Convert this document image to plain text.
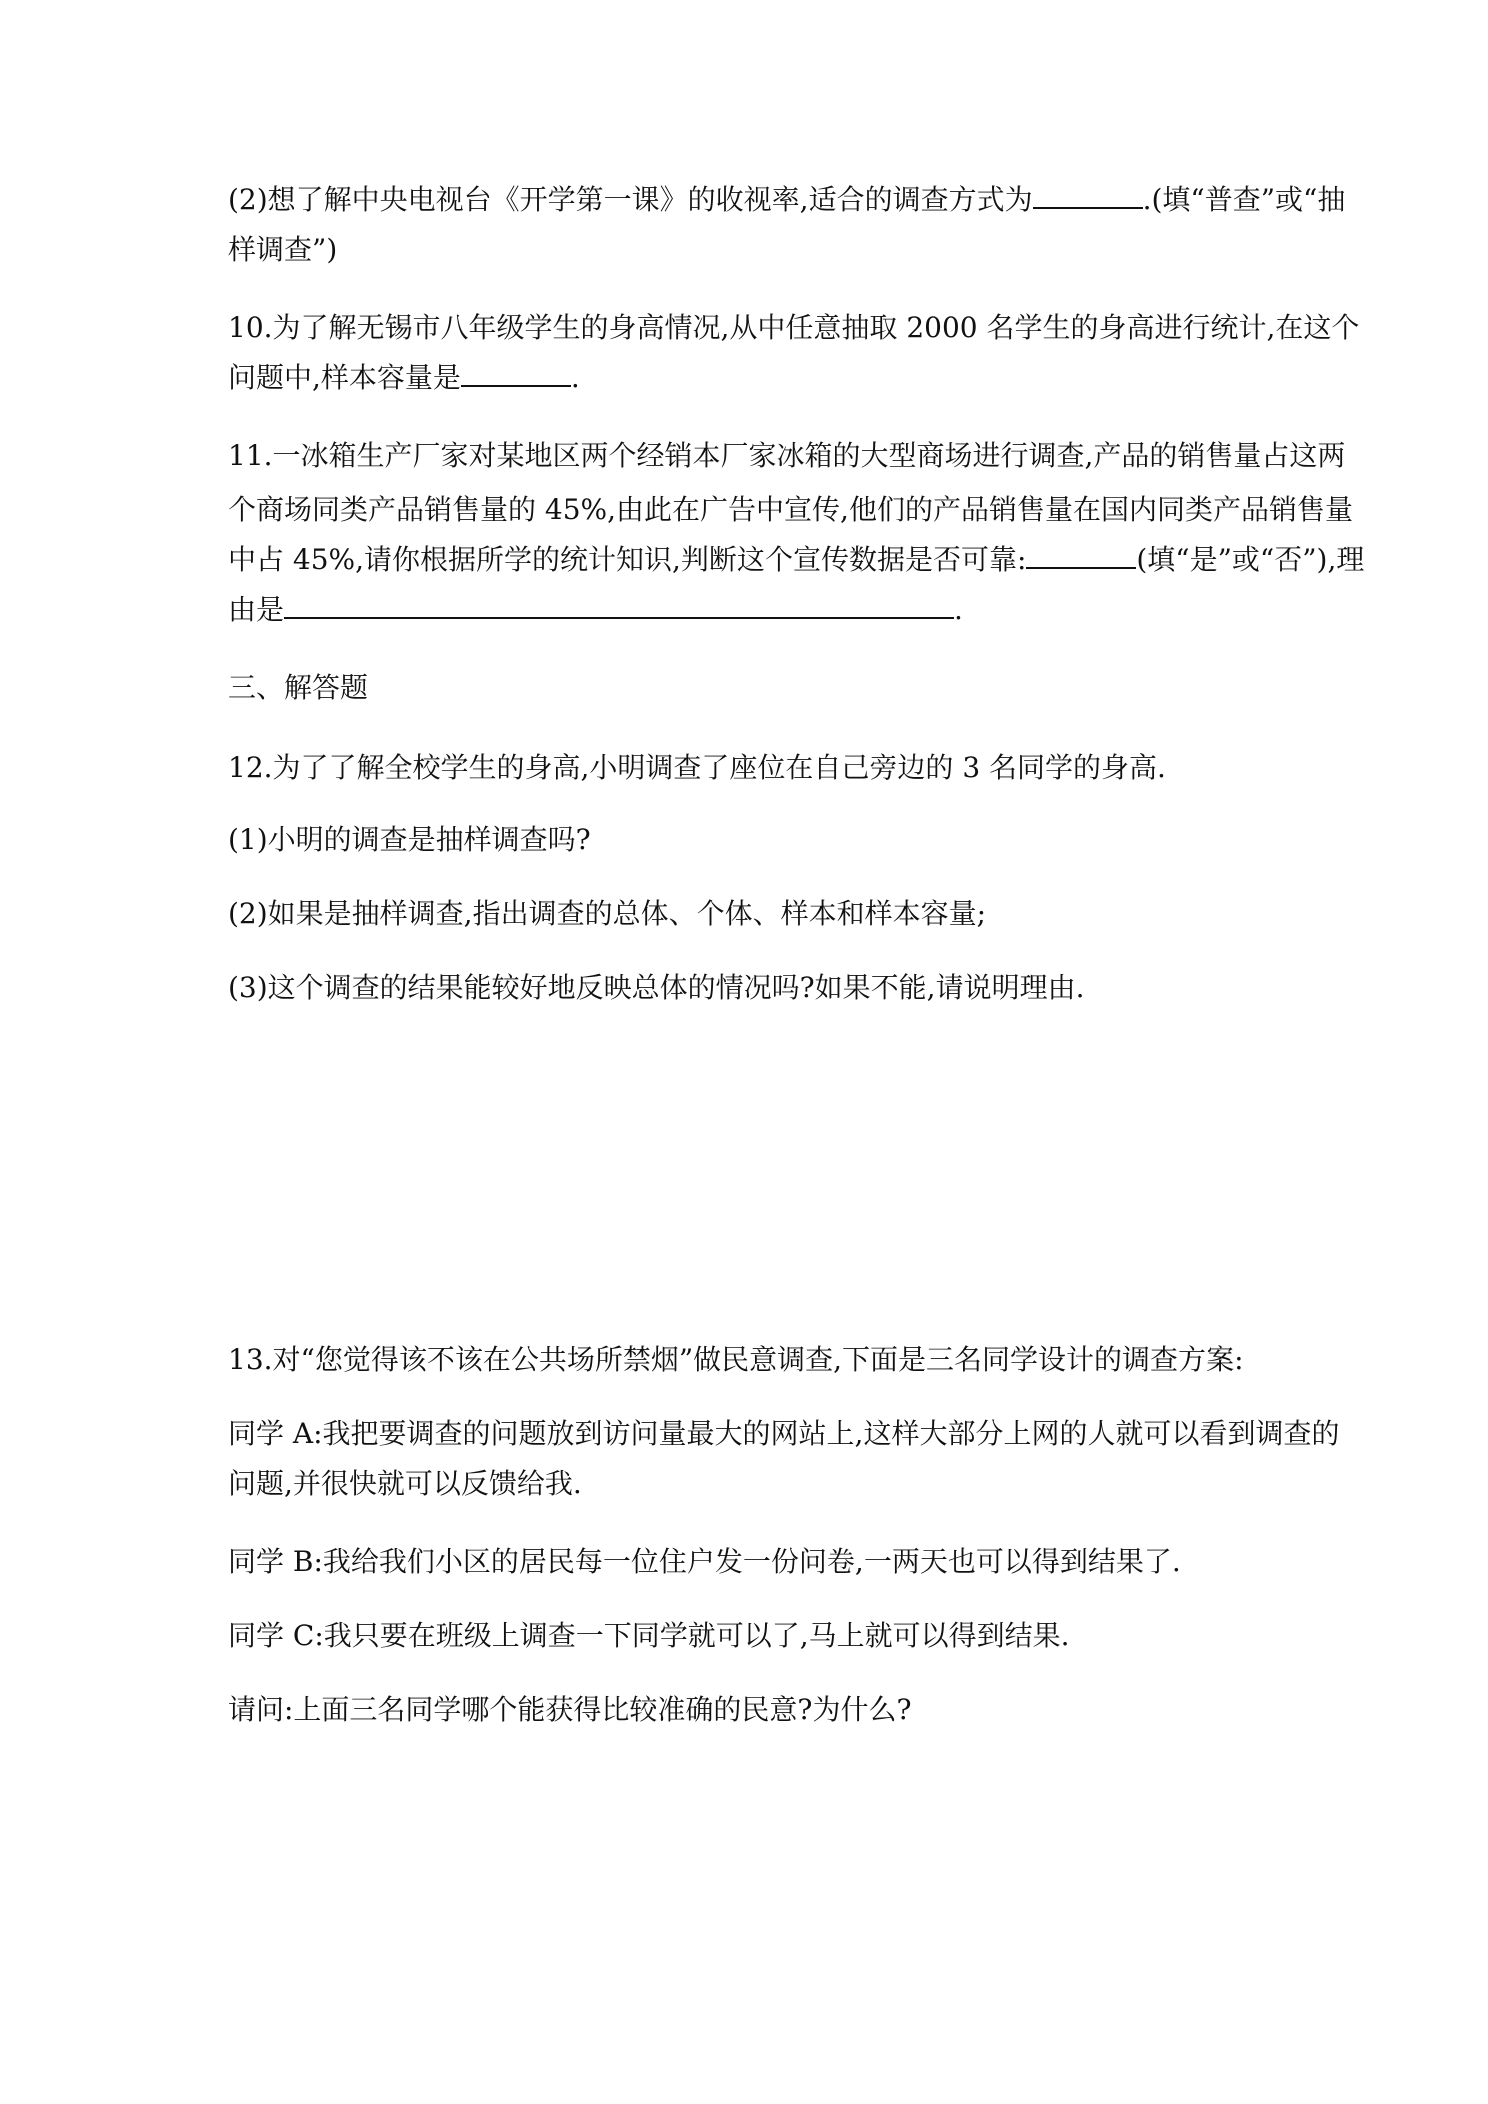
(2)想了解中央电视台《开学第一课》的收视率,适合的调查方式为	.(填“普查”或“抽
样调查”)
10.为了解无锡市八年级学生的身高情况,从中任意抽取 2000 名学生的身高进行统计,在这个
问题中,样本容量是	.
11.一冰箱生产厂家对某地区两个经销本厂家冰箱的大型商场进行调查,产品的销售量占这两
个商场同类产品销售量的 45%,由此在广告中宣传,他们的产品销售量在国内同类产品销售量
中占 45%,请你根据所学的统计知识,判断这个宣传数据是否可靠:	(填“是”或“否”),理
由是	.
三、解答题
12.为了了解全校学生的身高,小明调查了座位在自己旁边的 3 名同学的身高.
(1)小明的调查是抽样调查吗?
(2)如果是抽样调查,指出调查的总体、个体、样本和样本容量;
(3)这个调查的结果能较好地反映总体的情况吗?如果不能,请说明理由.
13.对“您觉得该不该在公共场所禁烟”做民意调查,下面是三名同学设计的调查方案:
同学 A:我把要调查的问题放到访问量最大的网站上,这样大部分上网的人就可以看到调查的
问题,并很快就可以反馈给我.
同学 B:我给我们小区的居民每一位住户发一份问卷,一两天也可以得到结果了.
同学 C:我只要在班级上调查一下同学就可以了,马上就可以得到结果.
请问:上面三名同学哪个能获得比较准确的民意?为什么?
